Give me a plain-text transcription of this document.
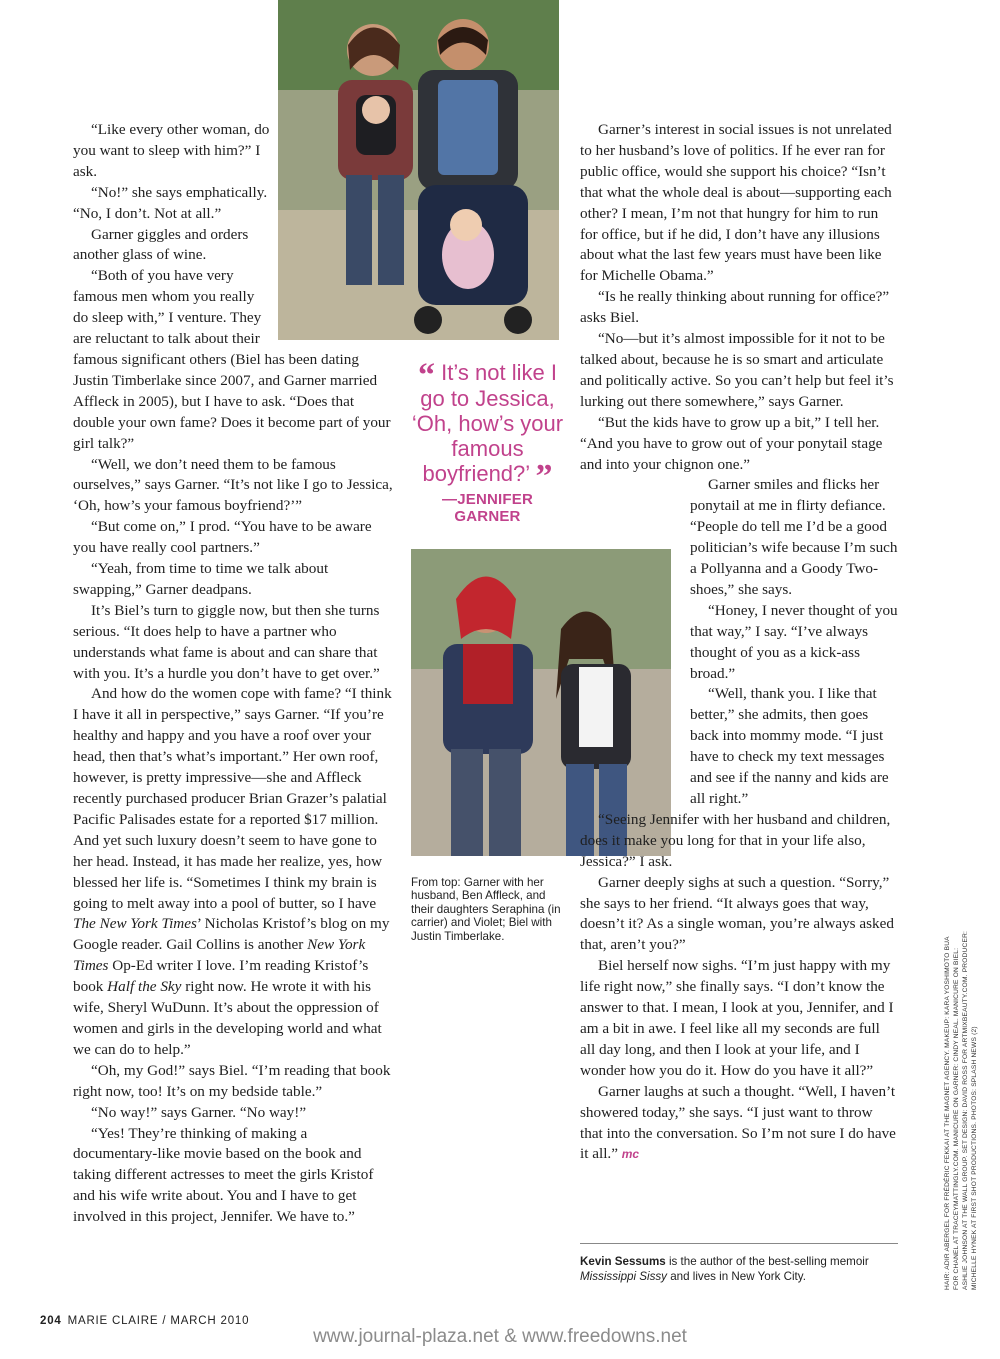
“ It’s not like I go to Jessica, ‘Oh, how’s your famous boyfriend?’ ”
—JENNIFER
GARNER
From top: Garner with her husband, Ben Affleck, and their daughters Seraphina (in carrier) and Violet; Biel with Justin Timberlake.

“Like every other woman, do you want to sleep with him?” I ask.

“No!” she says emphatically. “No, I don’t. Not at all.”

Garner giggles and orders another glass of wine.

“Both of you have very famous men whom you really do sleep with,” I venture. They are reluctant to talk about their famous significant others (Biel has been dating Justin Timberlake since 2007, and Garner married Affleck in 2005), but I have to ask. “Does that double your own fame? Does it become part of your girl talk?”

“Well, we don’t need them to be famous ourselves,” says Garner. “It’s not like I go to Jessica, ‘Oh, how’s your famous boyfriend?’”

“But come on,” I prod. “You have to be aware you have really cool partners.”

“Yeah, from time to time we talk about swapping,” Garner deadpans.

It’s Biel’s turn to giggle now, but then she turns serious. “It does help to have a partner who understands what fame is about and can share that with you. It’s a hurdle you don’t have to get over.”

And how do the women cope with fame? “I think I have it all in perspective,” says Garner. “If you’re healthy and happy and you have a roof over your head, then that’s what’s important.” Her own roof, however, is pretty impressive—she and Affleck recently purchased producer Brian Grazer’s palatial Pacific Palisades estate for a reported $17 million. And yet such luxury doesn’t seem to have gone to her head. Instead, it has made her realize, yes, how blessed her life is. “Sometimes I think my brain is going to melt away into a pool of butter, so I have The New York Times’ Nicholas Kristof’s blog on my Google reader. Gail Collins is another New York Times Op-Ed writer I love. I’m reading Kristof’s book Half the Sky right now. He wrote it with his wife, Sheryl WuDunn. It’s about the oppression of women and girls in the developing world and what we can do to help.”

“Oh, my God!” says Biel. “I’m reading that book right now, too! It’s on my bedside table.”

“No way!” says Garner. “No way!”

“Yes! They’re thinking of making a documentary-like movie based on the book and taking different actresses to meet the girls Kristof and his wife write about. You and I have to get involved in this project, Jennifer. We have to.”

Garner’s interest in social issues is not unrelated to her husband’s love of politics. If he ever ran for public office, would she support his choice? “Isn’t that what the whole deal is about—supporting each other? I mean, I’m not that hungry for him to run for office, but if he did, I don’t have any illusions about what the last few years must have been like for Michelle Obama.”

“Is he really thinking about running for office?” asks Biel.

“No—but it’s almost impossible for it not to be talked about, because he is so smart and articulate and politically active. So you can’t help but feel it’s lurking out there somewhere,” says Garner.

“But the kids have to grow up a bit,” I tell her. “And you have to grow out of your ponytail stage and into your chignon one.”

Garner smiles and flicks her ponytail at me in flirty defiance. “People do tell me I’d be a good politician’s wife because I’m such a Pollyanna and a Goody Two-shoes,” she says.

“Honey, I never thought of you that way,” I say. “I’ve always thought of you as a kick-ass broad.”

“Well, thank you. I like that better,” she admits, then goes back into mommy mode. “I just have to check my text messages and see if the nanny and kids are all right.”

“Seeing Jennifer with her husband and children, does it make you long for that in your life also, Jessica?” I ask.

Garner deeply sighs at such a question. “Sorry,” she says to her friend. “It always goes that way, doesn’t it? As a single woman, you’re always asked that, aren’t you?”

Biel herself now sighs. “I’m just happy with my life right now,” she finally says. “I don’t know the answer to that. I mean, I look at you, Jennifer, and I am a bit in awe. I feel like all my seconds are full all day long, and then I look at your life, and I wonder how you do it. How do you have it all?”

Garner laughs at such a thought. “Well, I haven’t showered today,” she says. “I just want to throw that into the conversation. So I’m not sure I do have it all.” mc

Kevin Sessums is the author of the best-selling memoir Mississippi Sissy and lives in New York City.	HAIR: ADIR ABERGEL FOR FRÉDÉRIC FEKKAI AT THE MAGNET AGENCY. MAKEUP: KARA YOSHIMOTO BUA FOR CHANEL AT TRACEYMATTINGLY.COM. MANICURE ON GARNER: CINDY NEAL. MANICURE ON BIEL: ASHLIE JOHNSON AT THE WALL GROUP. SET DESIGN: DAVID ROSS FOR ARTMIXBEAUTY.COM. PRODUCER: MICHELLE HYNEK AT FIRST SHOT PRODUCTIONS. PHOTOS: SPLASH NEWS (2)
204 MARIE CLAIRE / MARCH 2010
www.journal-plaza.net & www.freedowns.net
